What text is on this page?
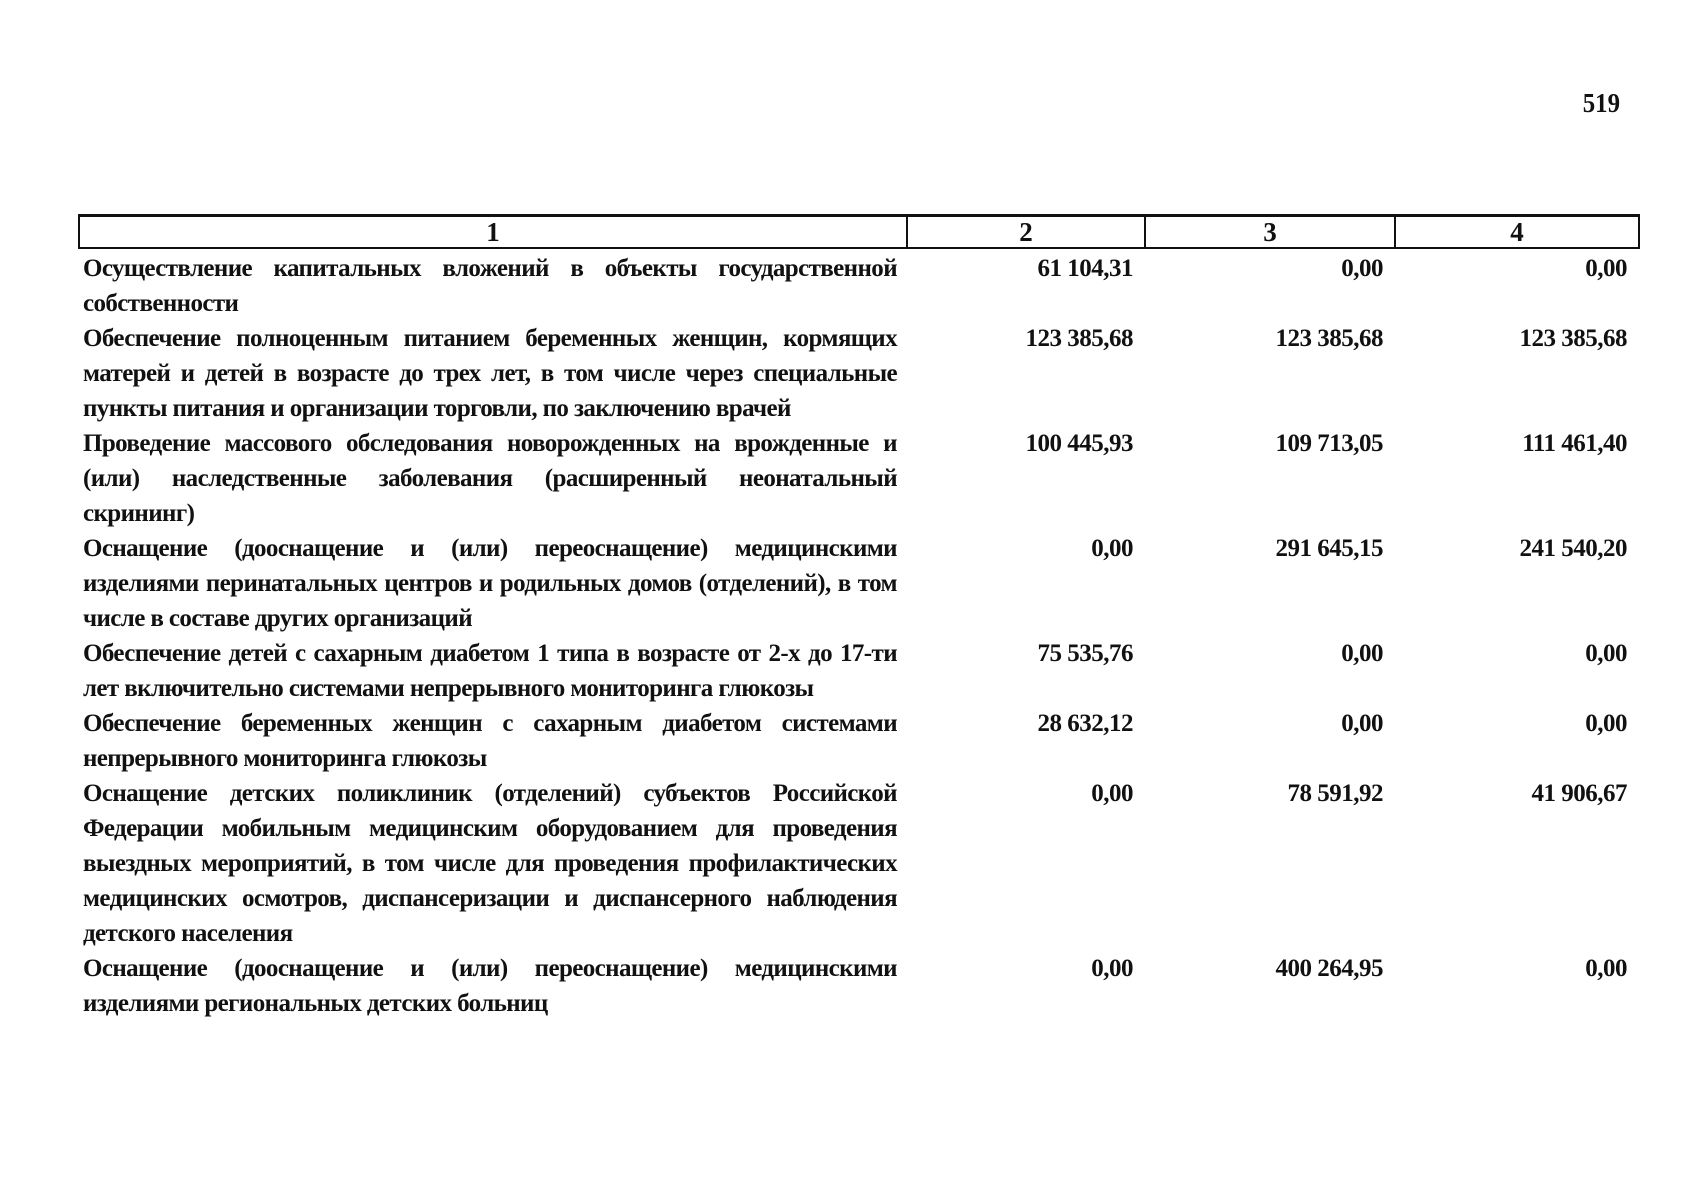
519
1	2	3	4
Осуществление капитальных вложений в объекты государственной собственности	61 104,31	0,00	0,00
Обеспечение полноценным питанием беременных женщин, кормящих матерей и детей в возрасте до трех лет, в том числе через специальные пункты питания и организации торговли, по заключению врачей	123 385,68	123 385,68	123 385,68
Проведение массового обследования новорожденных на врожденные и (или) наследственные заболевания (расширенный неонатальный скрининг)	100 445,93	109 713,05	111 461,40
Оснащение (дооснащение и (или) переоснащение) медицинскими изделиями перинатальных центров и родильных домов (отделений), в том числе в составе других организаций	0,00	291 645,15	241 540,20
Обеспечение детей с сахарным диабетом 1 типа в возрасте от 2-х до 17-ти лет включительно системами непрерывного мониторинга глюкозы	75 535,76	0,00	0,00
Обеспечение беременных женщин с сахарным диабетом системами непрерывного мониторинга глюкозы	28 632,12	0,00	0,00
Оснащение детских поликлиник (отделений) субъектов Российской Федерации мобильным медицинским оборудованием для проведения выездных мероприятий, в том числе для проведения профилактических медицинских осмотров, диспансеризации и диспансерного наблюдения детского населения	0,00	78 591,92	41 906,67
Оснащение (дооснащение и (или) переоснащение) медицинскими изделиями региональных детских больниц	0,00	400 264,95	0,00
